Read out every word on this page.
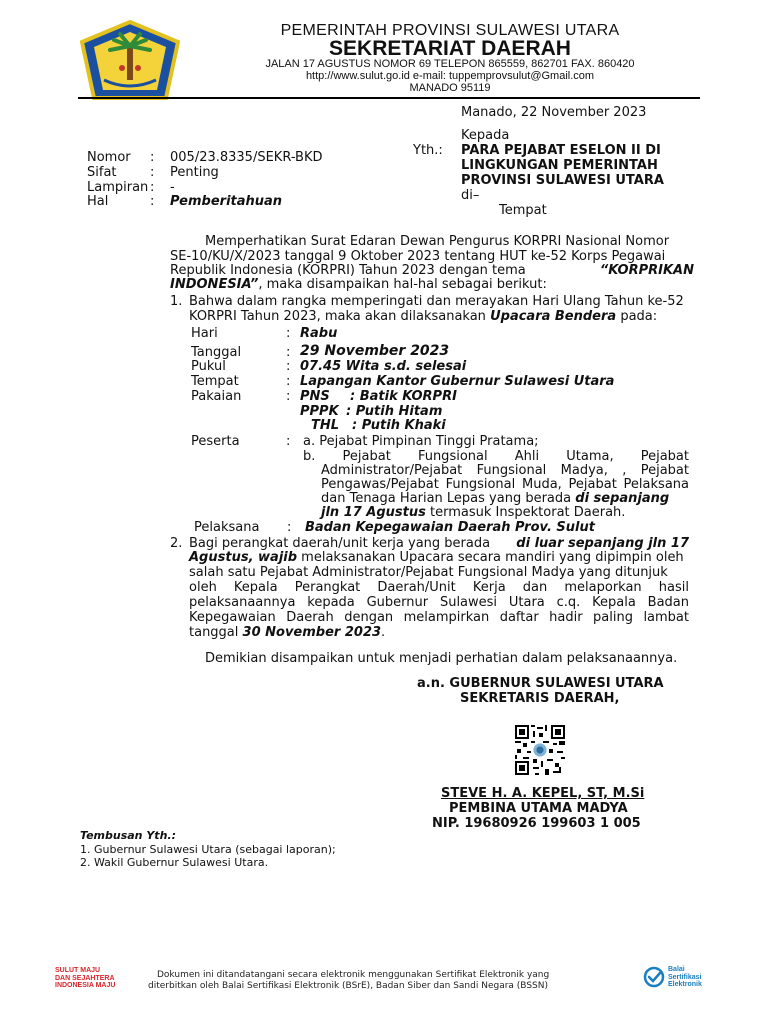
PEMERINTAH PROVINSI SULAWESI UTARA
SEKRETARIAT DAERAH
JALAN 17 AGUSTUS NOMOR 69 TELEPON 865559, 862701 FAX. 860420
http://www.sulut.go.id e-mail: tuppemprovsulut@Gmail.com
MANADO 95119
Manado, 22 November 2023
Kepada
Yth.: PARA PEJABAT ESELON II DI
LINGKUNGAN PEMERINTAH
PROVINSI SULAWESI UTARA
di–
Tempat
Nomor : 005/23.8335/SEKR-BKD
Sifat	: Penting
Lampiran : -
Hal	: Pemberitahuan
Memperhatikan Surat Edaran Dewan Pengurus KORPRI Nasional Nomor
SE-10/KU/X/2023 tanggal 9 Oktober 2023 tentang HUT ke-52 Korps Pegawai
Republik Indonesia (KORPRI) Tahun 2023 dengan tema	“KORPRIKAN
INDONESIA”, maka disampaikan hal-hal sebagai berikut:
1. Bahwa dalam rangka memperingati dan merayakan Hari Ulang Tahun ke-52
KORPRI Tahun 2023, maka akan dilaksanakan Upacara Bendera pada:
Hari	: Rabu
Tanggal	: 29 November 2023
Pukul	: 07.45 Wita s.d. selesai
Tempat	: Lapangan Kantor Gubernur Sulawesi Utara
Pakaian	: PNS : Batik KORPRI
PPPK : Putih Hitam
THL : Putih Khaki
Peserta	: a. Pejabat Pimpinan Tinggi Pratama;
b. Pejabat Fungsional Ahli Utama, Pejabat
Administrator/Pejabat Fungsional Madya, , Pejabat
Pengawas/Pejabat Fungsional Muda, Pejabat Pelaksana
dan Tenaga Harian Lepas yang berada di sepanjang
jln 17 Agustus termasuk Inspektorat Daerah.
Pelaksana : Badan Kepegawaian Daerah Prov. Sulut
2. Bagi perangkat daerah/unit kerja yang berada di luar sepanjang jln 17
Agustus, wajib melaksanakan Upacara secara mandiri yang dipimpin oleh
salah satu Pejabat Administrator/Pejabat Fungsional Madya yang ditunjuk
oleh Kepala Perangkat Daerah/Unit Kerja dan melaporkan hasil
pelaksanaannya kepada Gubernur Sulawesi Utara c.q. Kepala Badan
Kepegawaian Daerah dengan melampirkan daftar hadir paling lambat
tanggal 30 November 2023.
Demikian disampaikan untuk menjadi perhatian dalam pelaksanaannya.
a.n. GUBERNUR SULAWESI UTARA
SEKRETARIS DAERAH,
STEVE H. A. KEPEL, ST, M.Si
PEMBINA UTAMA MADYA
NIP. 19680926 199603 1 005
Tembusan Yth.:
1. Gubernur Sulawesi Utara (sebagai laporan);
2. Wakil Gubernur Sulawesi Utara.
SULUT MAJU
DAN SEJAHTERA
INDONESIA MAJU
Dokumen ini ditandatangani secara elektronik menggunakan Sertifikat Elektronik yang
diterbitkan oleh Balai Sertifikasi Elektronik (BSrE), Badan Siber dan Sandi Negara (BSSN)
Balai
Sertifikasi
Elektronik
